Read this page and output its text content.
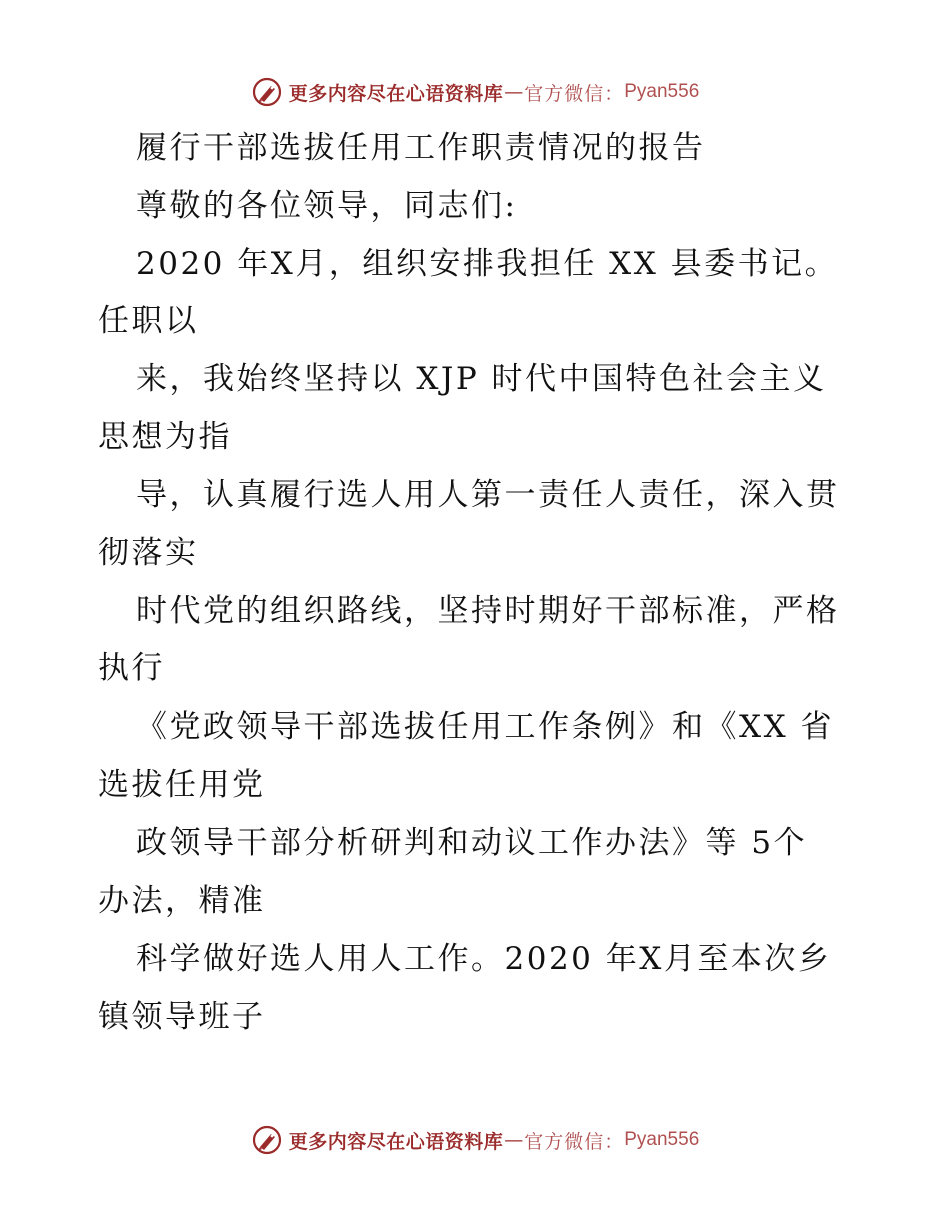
更多内容尽在心语资料库 — 官方微信： Pyan556
履行干部选拔任用工作职责情况的报告
尊敬的各位领导，同志们:
2020 年X月，组织安排我担任 XX 县委书记。
任职以
来，我始终坚持以 XJP 时代中国特色社会主义
思想为指
导，认真履行选人用人第一责任人责任，深入贯
彻落实
时代党的组织路线，坚持时期好干部标准，严格
执行
《党政领导干部选拔任用工作条例》和《XX 省
选拔任用党
政领导干部分析研判和动议工作办法》等 5个
办法，精准
科学做好选人用人工作。2020 年X月至本次乡
镇领导班子
更多内容尽在心语资料库 — 官方微信： Pyan556
